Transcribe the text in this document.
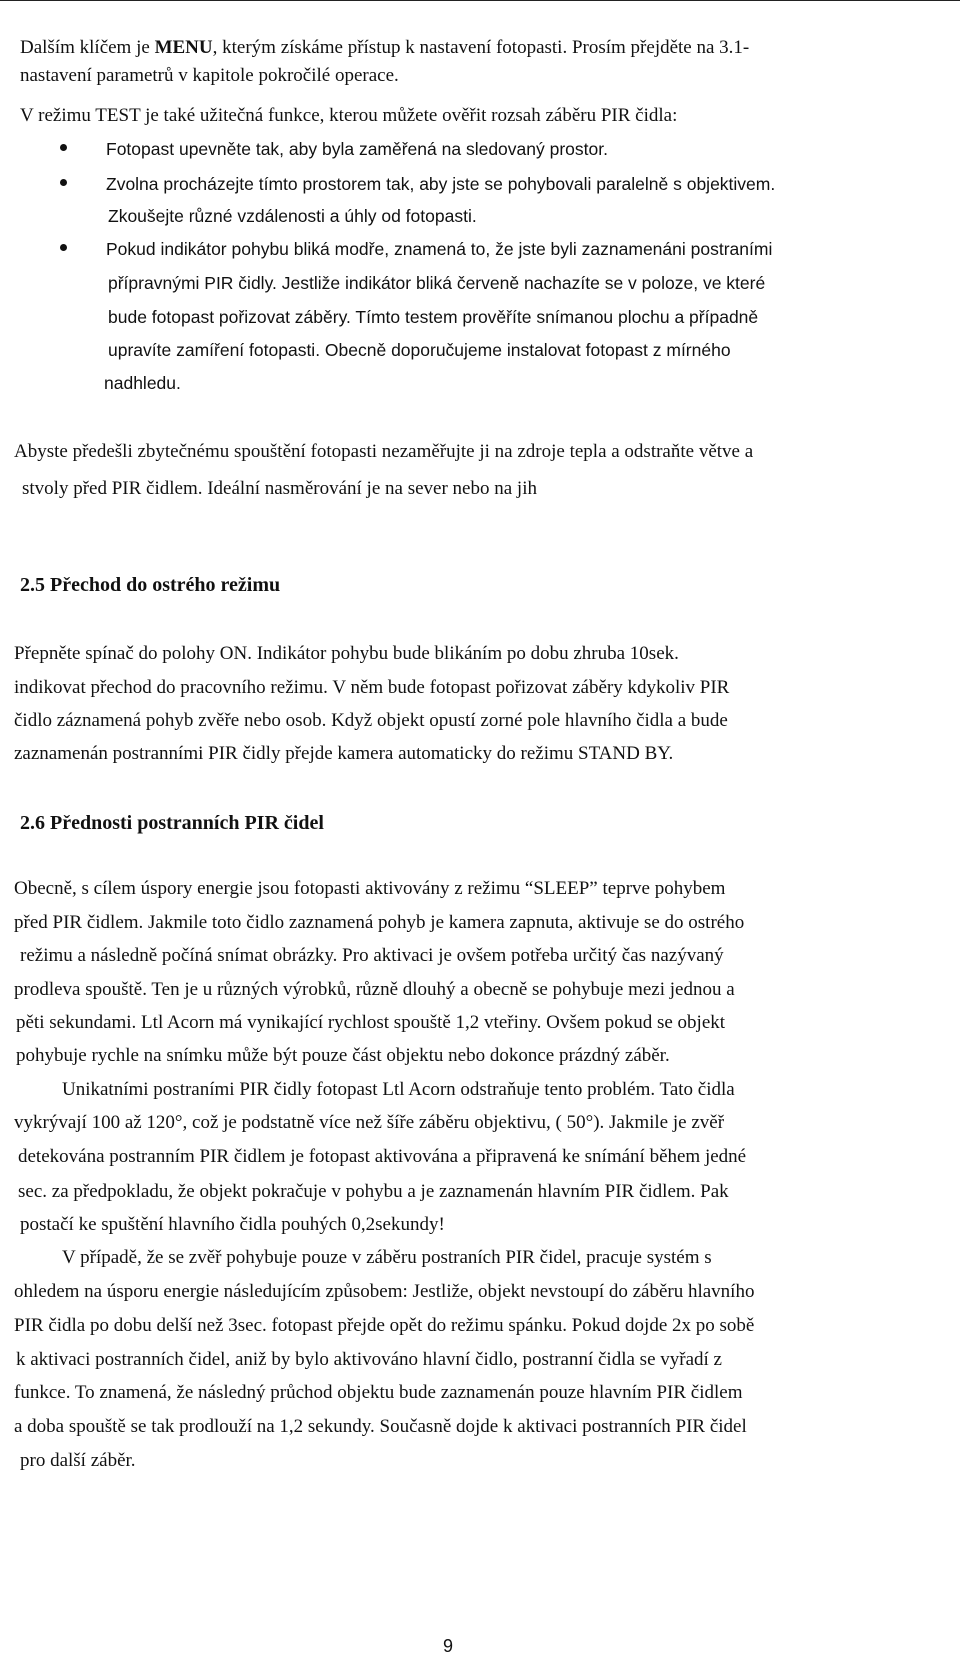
Dalším klíčem je MENU, kterým získáme přístup k nastavení fotopasti. Prosím přejděte na 3.1-
nastavení parametrů v kapitole pokročilé operace.
V režimu TEST je také užitečná funkce, kterou můžete ověřit rozsah záběru PIR čidla:
Fotopast upevněte tak, aby byla zaměřená na sledovaný prostor.
Zvolna procházejte tímto prostorem tak, aby jste se pohybovali paralelně s objektivem.
Zkoušejte různé vzdálenosti a úhly od fotopasti.
Pokud indikátor pohybu bliká modře, znamená to, že jste byli zaznamenáni postraními
přípravnými PIR čidly. Jestliže indikátor bliká červeně nachazíte se v poloze, ve které
bude fotopast pořizovat záběry. Tímto testem prověříte snímanou plochu a případně
upravíte zamíření fotopasti. Obecně doporučujeme instalovat fotopast z mírného
nadhledu.
Abyste předešli zbytečnému spouštění fotopasti nezaměřujte ji na zdroje tepla a odstraňte větve a
stvoly před PIR čidlem. Ideální nasměrování je na sever nebo na jih
2.5 Přechod do ostrého režimu
Přepněte spínač do polohy ON. Indikátor pohybu bude blikáním po dobu zhruba 10sek.
indikovat přechod do pracovního režimu. V něm bude fotopast pořizovat záběry kdykoliv PIR
čidlo záznamená pohyb zvěře nebo osob. Když objekt opustí zorné pole hlavního čidla a bude
zaznamenán postranními PIR čidly přejde kamera automaticky do režimu STAND BY.
2.6 Přednosti postranních PIR čidel
Obecně, s cílem úspory energie jsou fotopasti aktivovány z režimu “SLEEP” teprve pohybem
před PIR čidlem. Jakmile toto čidlo zaznamená pohyb je kamera zapnuta, aktivuje se do ostrého
režimu a následně počíná snímat obrázky. Pro aktivaci je ovšem potřeba určitý čas nazývaný
prodleva spouště. Ten je u různých výrobků, různě dlouhý a obecně se pohybuje mezi jednou a
pěti sekundami. Ltl Acorn má vynikající rychlost spouště 1,2 vteřiny. Ovšem pokud se objekt
pohybuje rychle na snímku může být pouze část objektu nebo dokonce prázdný záběr.
Unikatními postraními PIR čidly fotopast Ltl Acorn odstraňuje tento problém. Tato čidla
vykrývají 100 až 120°, což je podstatně více než šíře záběru objektivu, ( 50°). Jakmile je zvěř
detekována postranním PIR čidlem je fotopast aktivována a připravená ke snímání během jedné
sec. za předpokladu, že objekt pokračuje v pohybu a je zaznamenán hlavním PIR čidlem. Pak
postačí ke spuštění hlavního čidla pouhých 0,2sekundy!
V případě, že se zvěř pohybuje pouze v záběru postraních PIR čidel, pracuje systém s
ohledem na úsporu energie následujícím způsobem: Jestliže, objekt nevstoupí do záběru hlavního
PIR čidla po dobu delší než 3sec. fotopast přejde opět do režimu spánku. Pokud dojde 2x po sobě
k aktivaci postranních čidel, aniž by bylo aktivováno hlavní čidlo, postranní čidla se vyřadí z
funkce. To znamená, že následný průchod objektu bude zaznamenán pouze hlavním PIR čidlem
a doba spouště se tak prodlouží na 1,2 sekundy. Současně dojde k aktivaci postranních PIR čidel
pro další záběr.
9
